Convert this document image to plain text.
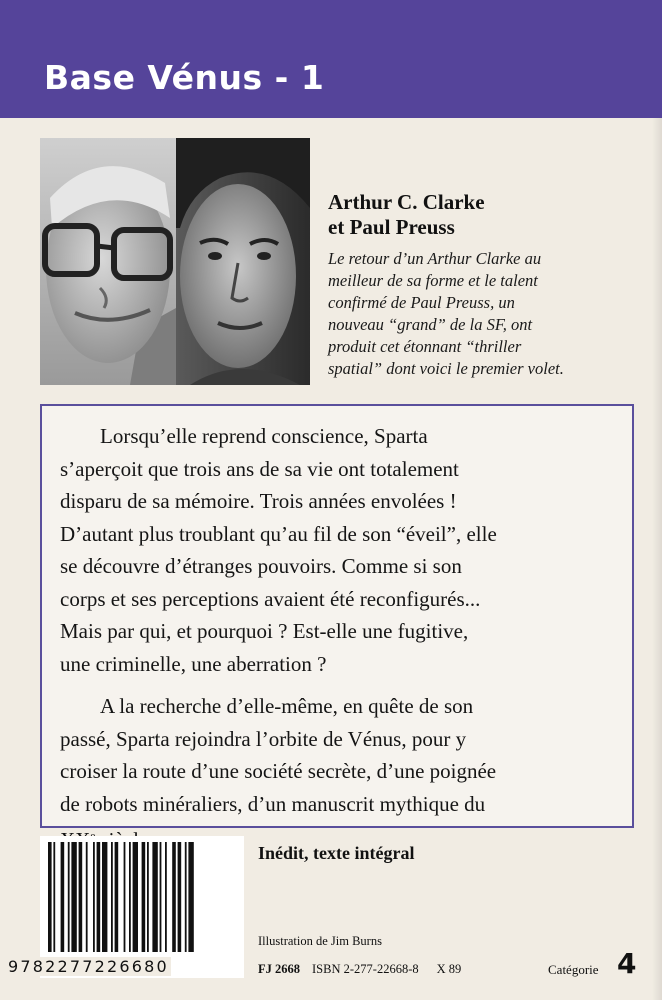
Base Vénus - 1
Arthur C. Clarke
et Paul Preuss
Le retour d’un Arthur Clarke au
meilleur de sa forme et le talent
confirmé de Paul Preuss, un
nouveau “grand” de la SF, ont
produit cet étonnant “thriller
spatial” dont voici le premier volet.
Lorsqu’elle reprend conscience, Sparta
s’aperçoit que trois ans de sa vie ont totalement
disparu de sa mémoire. Trois années envolées !
D’autant plus troublant qu’au fil de son “éveil”, elle
se découvre d’étranges pouvoirs. Comme si son
corps et ses perceptions avaient été reconfigurés...
Mais par qui, et pourquoi ? Est-elle une fugitive,
une criminelle, une aberration ?
A la recherche d’elle-même, en quête de son
passé, Sparta rejoindra l’orbite de Vénus, pour y
croiser la route d’une société secrète, d’une poignée
de robots minéraliers, d’un manuscrit mythique du
9782277226680
Inédit, texte intégral
Illustration de Jim Burns
FJ 2668 ISBN 2-277-22668-8 X 89	Catégorie 4
